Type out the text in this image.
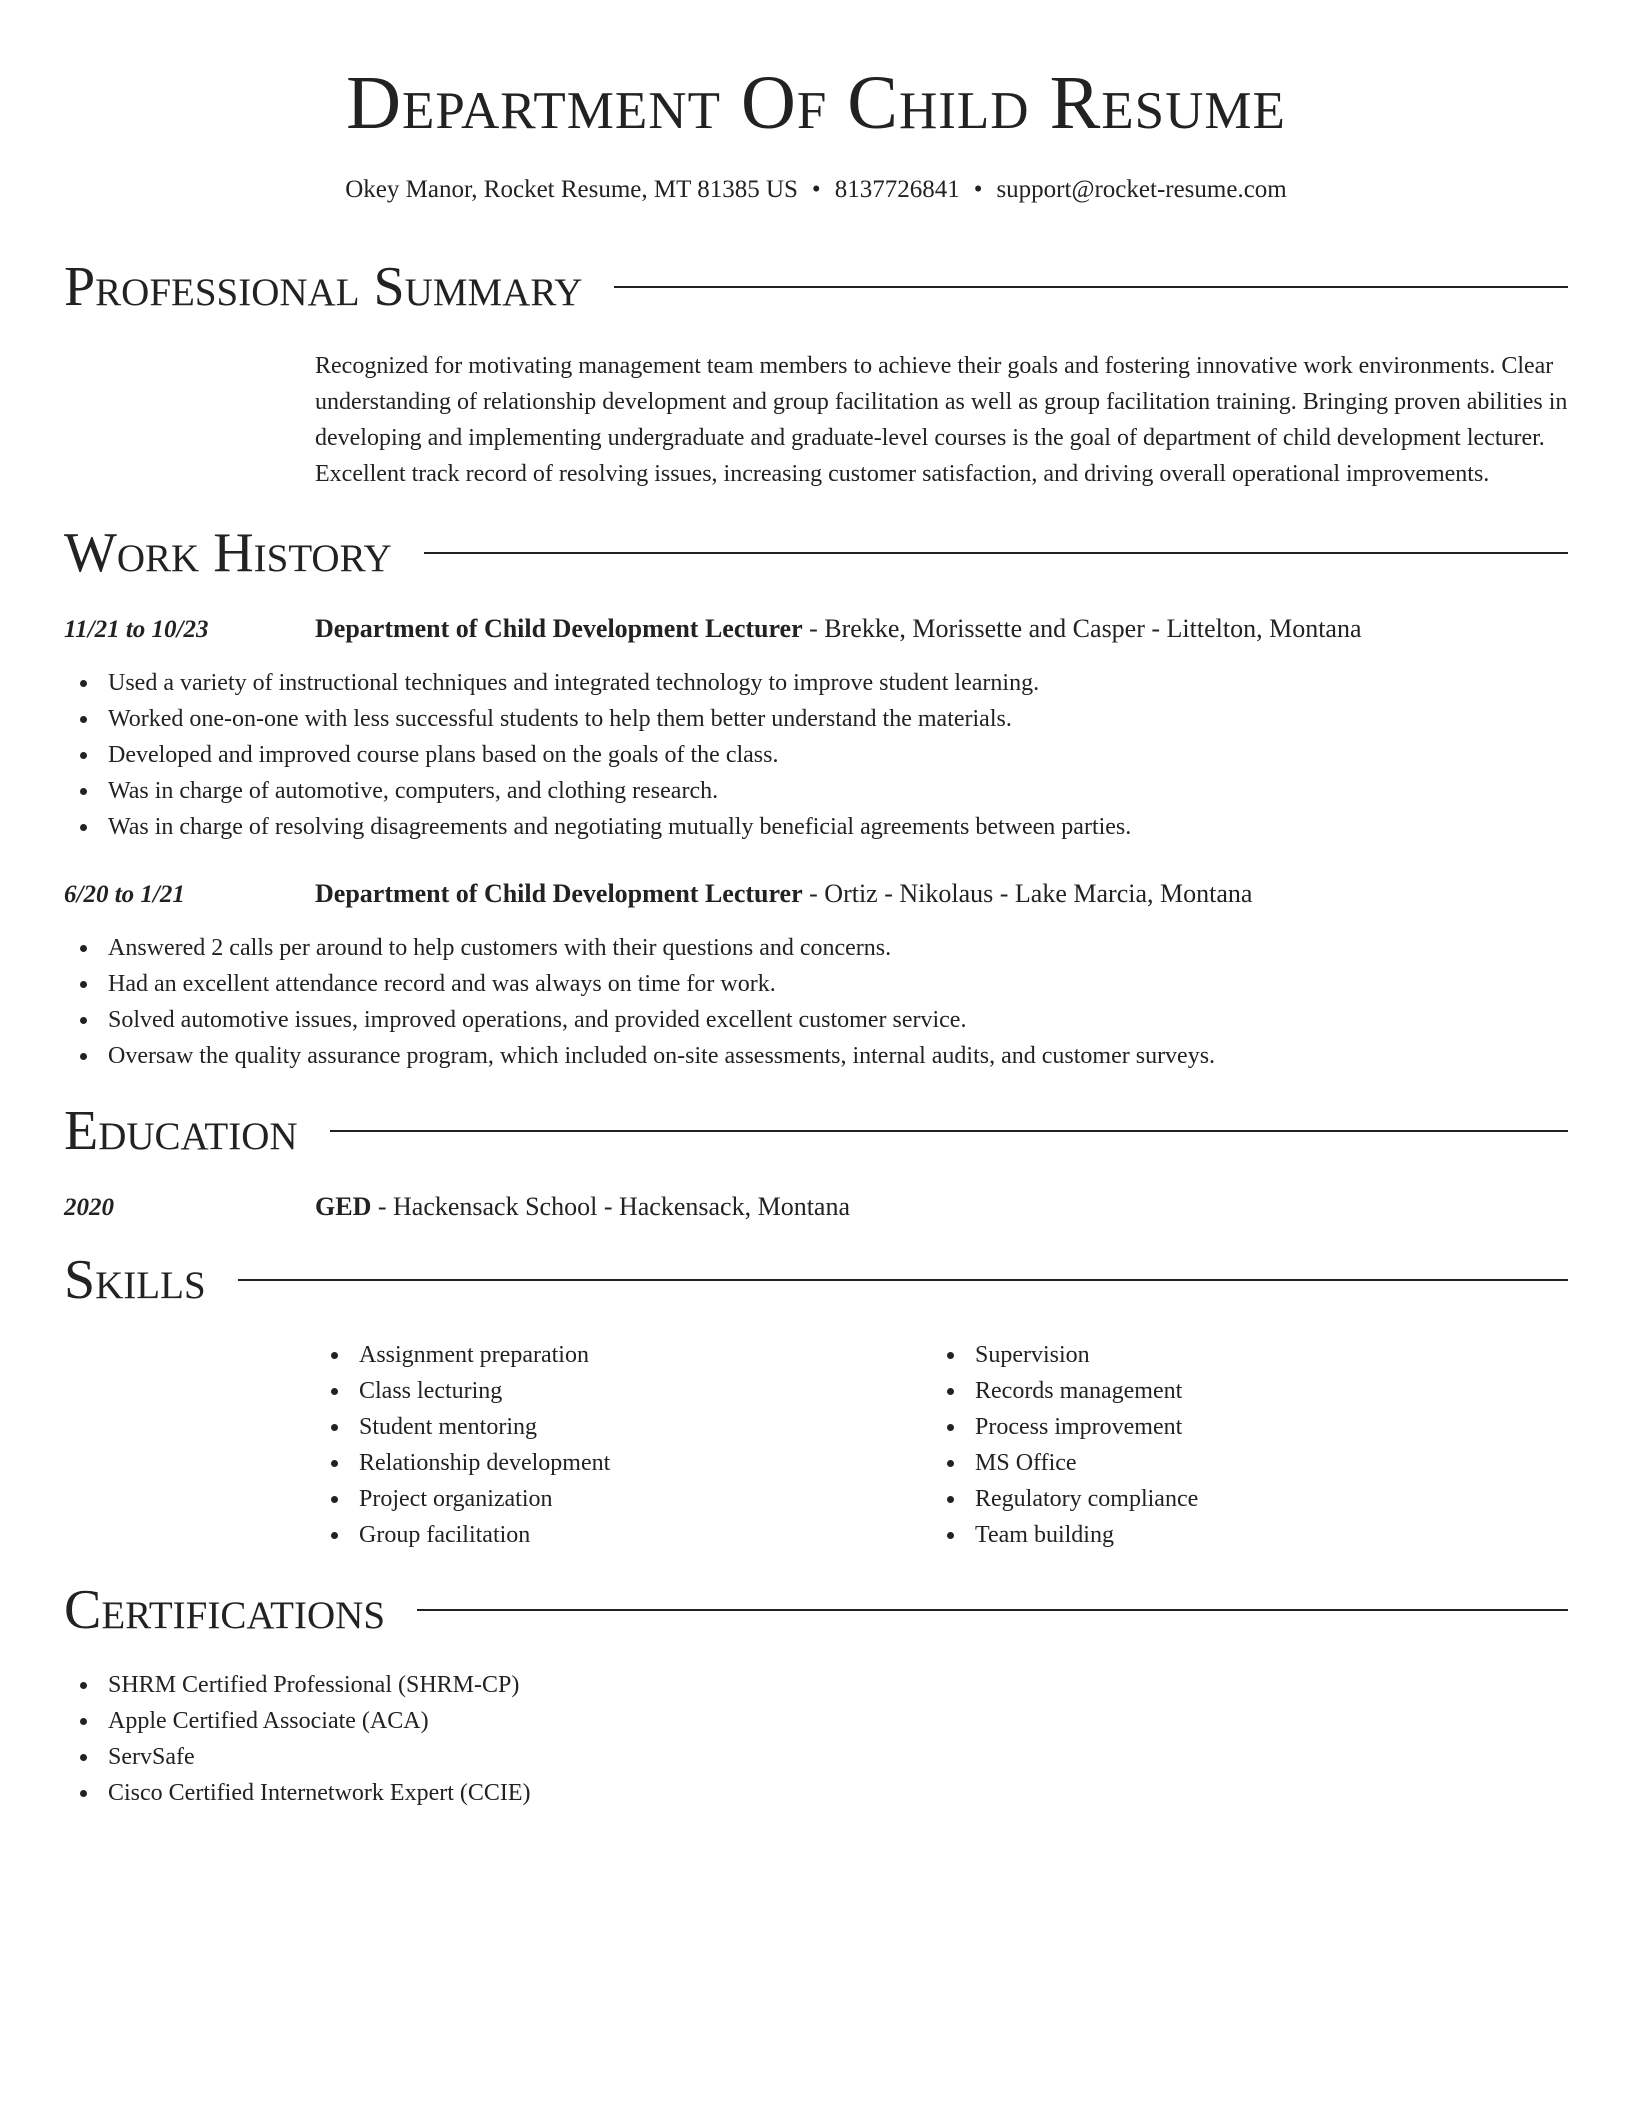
Department Of Child Resume
Okey Manor, Rocket Resume, MT 81385 US • 8137726841 • support@rocket-resume.com
Professional Summary
Recognized for motivating management team members to achieve their goals and fostering innovative work environments. Clear understanding of relationship development and group facilitation as well as group facilitation training. Bringing proven abilities in developing and implementing undergraduate and graduate-level courses is the goal of department of child development lecturer. Excellent track record of resolving issues, increasing customer satisfaction, and driving overall operational improvements.
Work History
11/21 to 10/23	Department of Child Development Lecturer - Brekke, Morissette and Casper - Littelton, Montana
Used a variety of instructional techniques and integrated technology to improve student learning.
Worked one-on-one with less successful students to help them better understand the materials.
Developed and improved course plans based on the goals of the class.
Was in charge of automotive, computers, and clothing research.
Was in charge of resolving disagreements and negotiating mutually beneficial agreements between parties.
6/20 to 1/21	Department of Child Development Lecturer - Ortiz - Nikolaus - Lake Marcia, Montana
Answered 2 calls per around to help customers with their questions and concerns.
Had an excellent attendance record and was always on time for work.
Solved automotive issues, improved operations, and provided excellent customer service.
Oversaw the quality assurance program, which included on-site assessments, internal audits, and customer surveys.
Education
2020	GED - Hackensack School - Hackensack, Montana
Skills
Assignment preparation
Class lecturing
Student mentoring
Relationship development
Project organization
Group facilitation
Supervision
Records management
Process improvement
MS Office
Regulatory compliance
Team building
Certifications
SHRM Certified Professional (SHRM-CP)
Apple Certified Associate (ACA)
ServSafe
Cisco Certified Internetwork Expert (CCIE)
